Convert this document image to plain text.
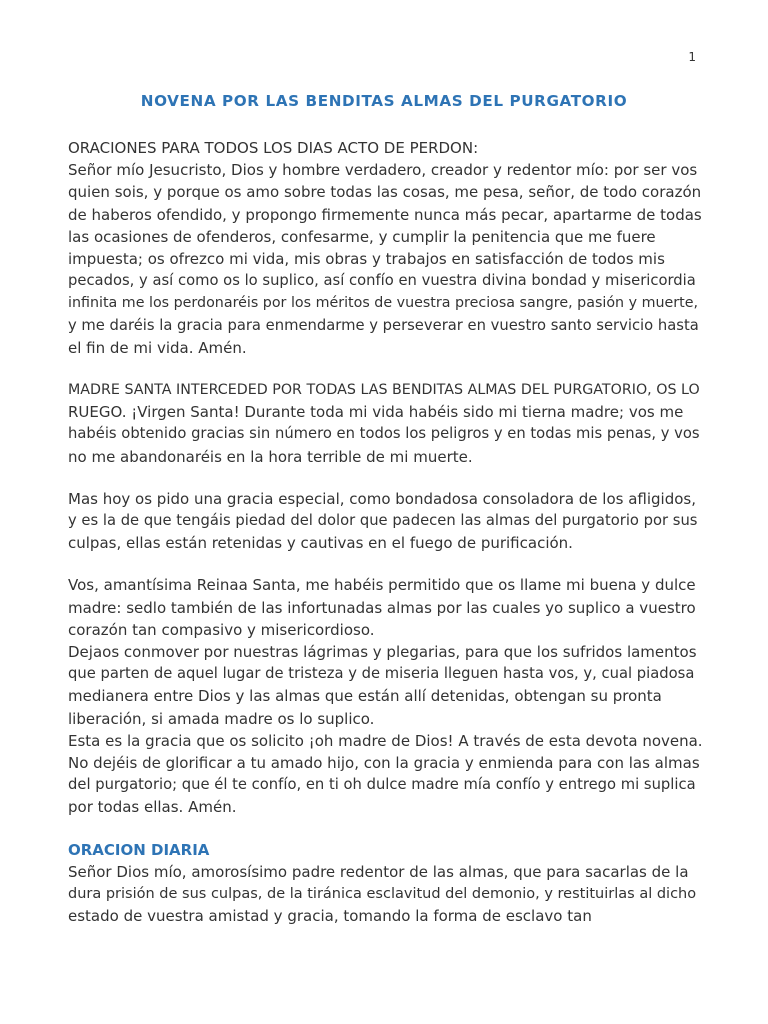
1
NOVENA POR LAS BENDITAS ALMAS DEL PURGATORIO

ORACIONES PARA TODOS LOS DIAS ACTO DE PERDON:
Señor mío Jesucristo, Dios y hombre verdadero, creador y redentor mío: por ser vos
quien sois, y porque os amo sobre todas las cosas, me pesa, señor, de todo corazón
de haberos ofendido, y propongo firmemente nunca más pecar, apartarme de todas
las ocasiones de ofenderos, confesarme, y cumplir la penitencia que me fuere
impuesta; os ofrezco mi vida, mis obras y trabajos en satisfacción de todos mis
pecados, y así como os lo suplico, así confío en vuestra divina bondad y misericordia
infinita me los perdonaréis por los méritos de vuestra preciosa sangre, pasión y muerte,
y me daréis la gracia para enmendarme y perseverar en vuestro santo servicio hasta
el fin de mi vida. Amén.

MADRE SANTA INTERCEDED POR TODAS LAS BENDITAS ALMAS DEL PURGATORIO, OS LO
RUEGO. ¡Virgen Santa! Durante toda mi vida habéis sido mi tierna madre; vos me
habéis obtenido gracias sin número en todos los peligros y en todas mis penas, y vos
no me abandonaréis en la hora terrible de mi muerte.

Mas hoy os pido una gracia especial, como bondadosa consoladora de los afligidos,
y es la de que tengáis piedad del dolor que padecen las almas del purgatorio por sus
culpas, ellas están retenidas y cautivas en el fuego de purificación.

Vos, amantísima Reinaa Santa, me habéis permitido que os llame mi buena y dulce
madre: sedlo también de las infortunadas almas por las cuales yo suplico a vuestro
corazón tan compasivo y misericordioso.
Dejaos conmover por nuestras lágrimas y plegarias, para que los sufridos lamentos
que parten de aquel lugar de tristeza y de miseria lleguen hasta vos, y, cual piadosa
medianera entre Dios y las almas que están allí detenidas, obtengan su pronta
liberación, si amada madre os lo suplico.
Esta es la gracia que os solicito ¡oh madre de Dios! A través de esta devota novena.
No dejéis de glorificar a tu amado hijo, con la gracia y enmienda para con las almas
del purgatorio; que él te confío, en ti oh dulce madre mía confío y entrego mi suplica
por todas ellas. Amén.

ORACION DIARIA

Señor Dios mío, amorosísimo padre redentor de las almas, que para sacarlas de la
dura prisión de sus culpas, de la tiránica esclavitud del demonio, y restituirlas al dicho
estado de vuestra amistad y gracia, tomando la forma de esclavo tan
